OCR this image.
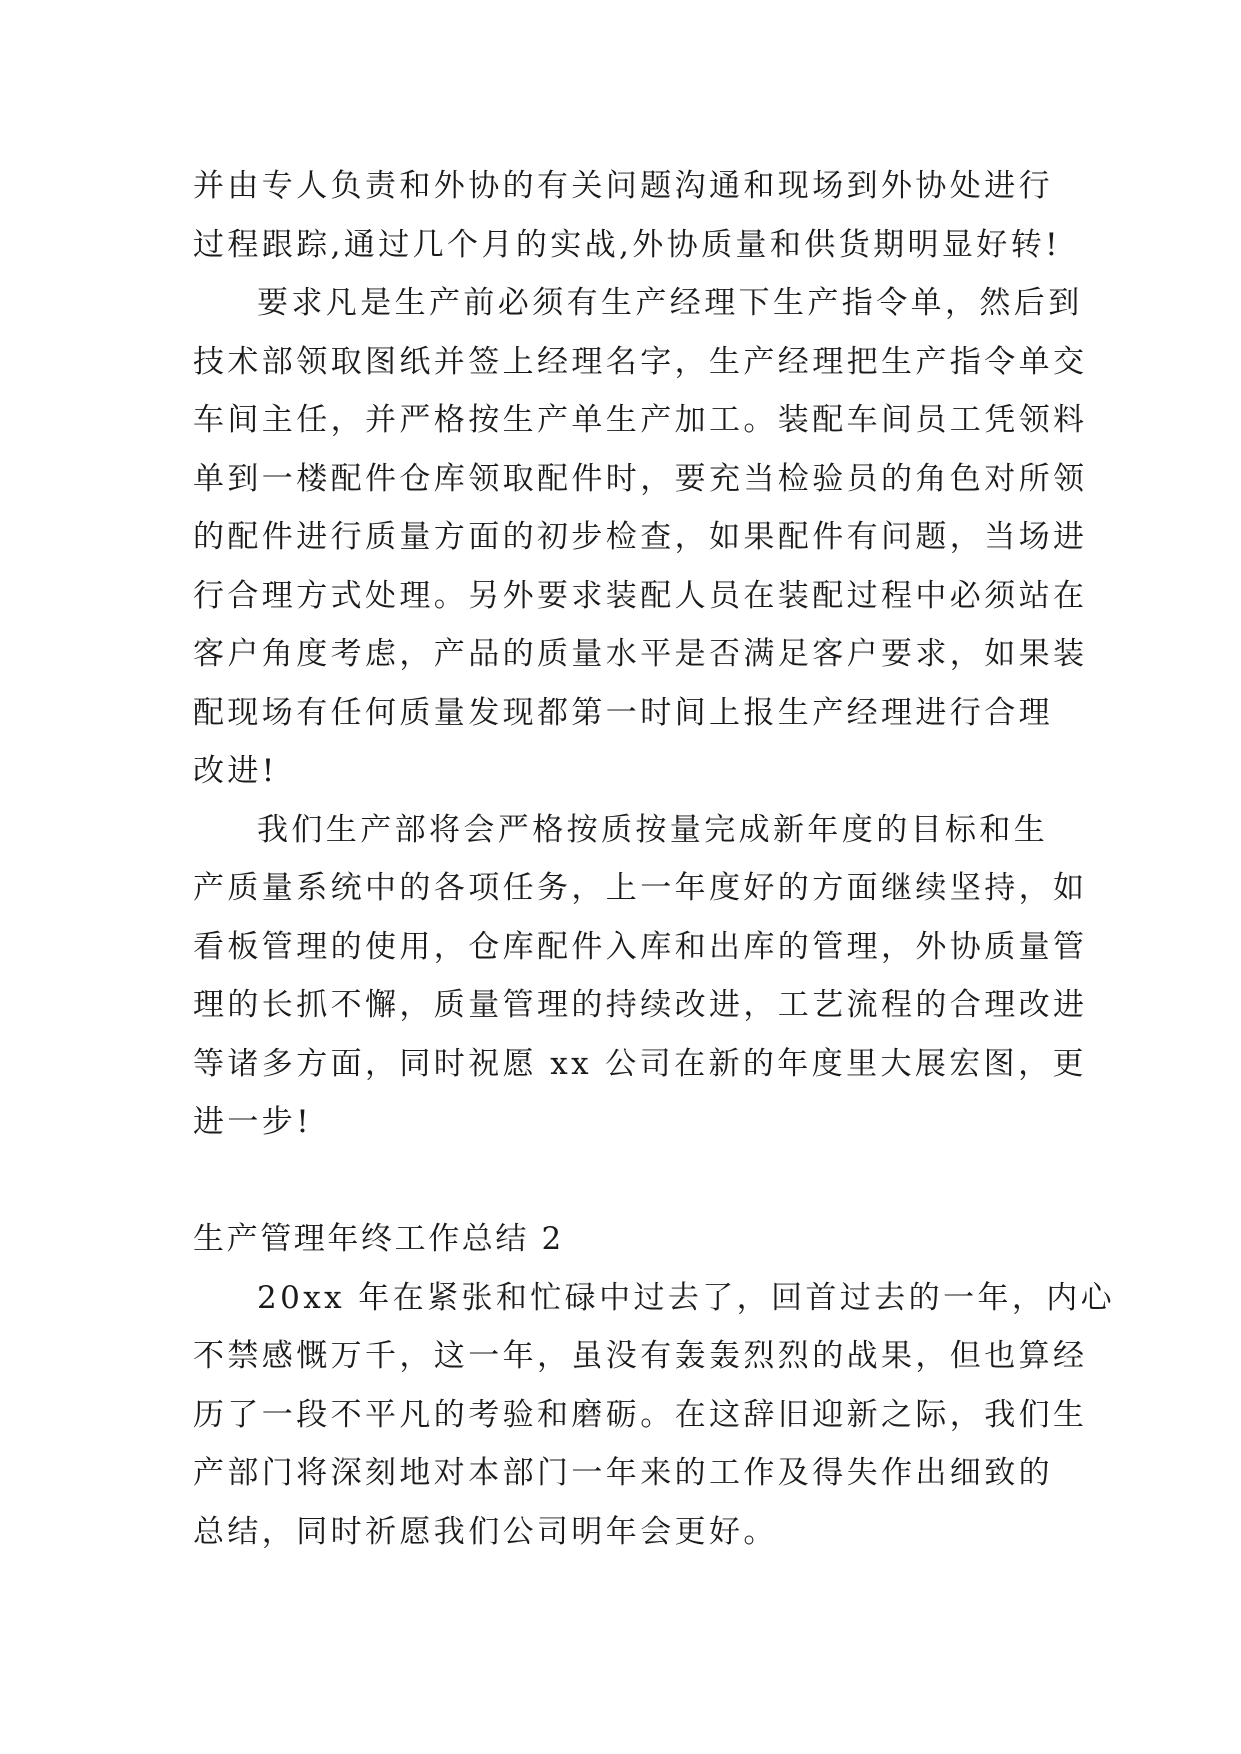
并由专人负责和外协的有关问题沟通和现场到外协处进行
过程跟踪,通过几个月的实战,外协质量和供货期明显好转!
要求凡是生产前必须有生产经理下生产指令单，然后到
技术部领取图纸并签上经理名字，生产经理把生产指令单交
车间主任，并严格按生产单生产加工。装配车间员工凭领料
单到一楼配件仓库领取配件时，要充当检验员的角色对所领
的配件进行质量方面的初步检查，如果配件有问题，当场进
行合理方式处理。另外要求装配人员在装配过程中必须站在
客户角度考虑，产品的质量水平是否满足客户要求，如果装
配现场有任何质量发现都第一时间上报生产经理进行合理
改进!
我们生产部将会严格按质按量完成新年度的目标和生
产质量系统中的各项任务，上一年度好的方面继续坚持，如
看板管理的使用，仓库配件入库和出库的管理，外协质量管
理的长抓不懈，质量管理的持续改进，工艺流程的合理改进
等诸多方面，同时祝愿 xx 公司在新的年度里大展宏图，更
进一步!
生产管理年终工作总结 2
20xx 年在紧张和忙碌中过去了，回首过去的一年，内心
不禁感慨万千，这一年，虽没有轰轰烈烈的战果，但也算经
历了一段不平凡的考验和磨砺。在这辞旧迎新之际，我们生
产部门将深刻地对本部门一年来的工作及得失作出细致的
总结，同时祈愿我们公司明年会更好。
